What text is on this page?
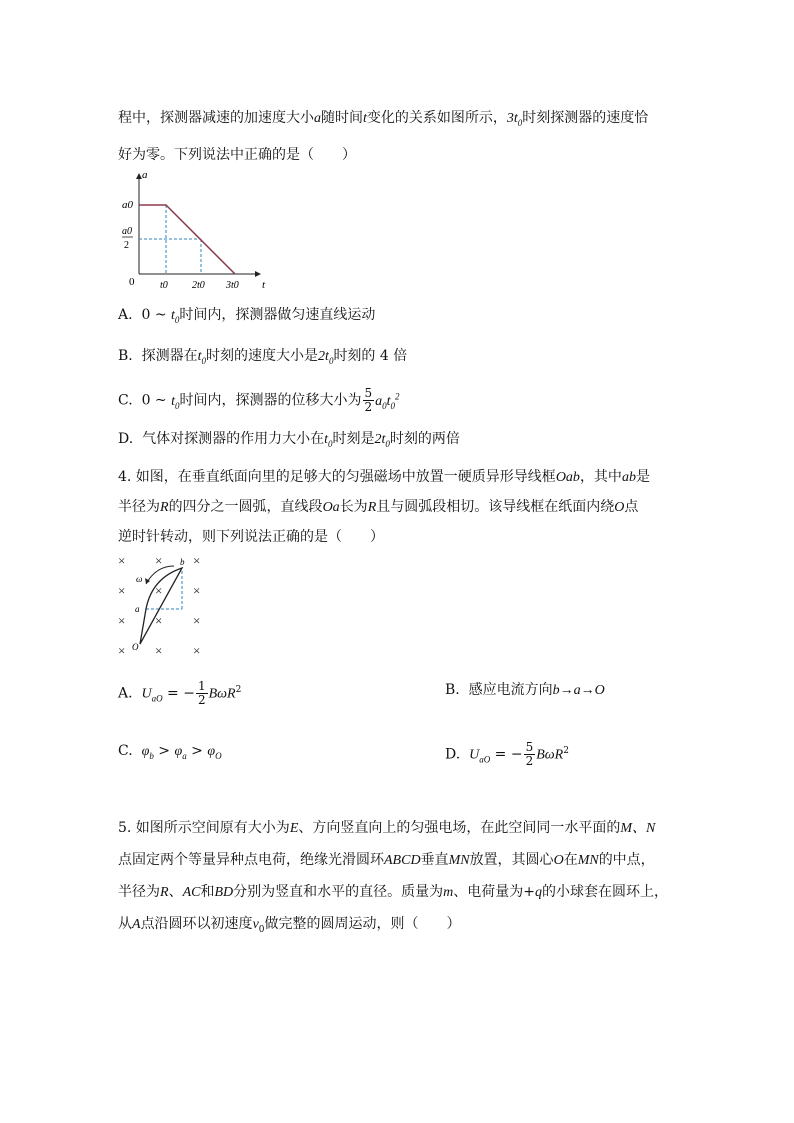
程中，探测器减速的加速度大小a随时间t变化的关系如图所示，$3t_0$时刻探测器的速度恰
好为零。下列说法中正确的是（　　）
a
t
0
a0
a0
2
t0 2t0 3t0
A. 0 ~ $t_0$时间内，探测器做匀速直线运动
B. 探测器在$t_0$时刻的速度大小是$2t_0$时刻的 4 倍
C. 0 ~ $t_0$时间内，探测器的位移大小为 $\frac{5}{2} a_0t_0^2$
D. 气体对探测器的作用力大小在$t_0$时刻是$2t_0$时刻的两倍
4. 如图，在垂直纸面向里的足够大的匀强磁场中放置一硬质异形导线框Oab，其中ab是
半径为R的四分之一圆弧，直线段Oa长为R且与圆弧段相切。该导线框在纸面内绕O点
逆时针转动，则下列说法正确的是（　　）
× × ×
× × ×
× × ×
× × ×
ω
b
a
O
A. $U_{aO}$ = − $\frac{1}{2} B\omega R^2$	B. 感应电流方向b→a→O
C. $\varphi_b > \varphi_a > \varphi_O$	D. $U_{aO}$ = − $\frac{5}{2} B\omega R^2$
5. 如图所示空间原有大小为E、方向竖直向上的匀强电场，在此空间同一水平面的M、N
点固定两个等量异种点电荷，绝缘光滑圆环ABCD垂直MN放置，其圆心O在MN的中点，
半径为R、AC和BD分别为竖直和水平的直径。质量为m、电荷量为+q的小球套在圆环上，
从A点沿圆环以初速度$v_0$做完整的圆周运动，则（　　）
